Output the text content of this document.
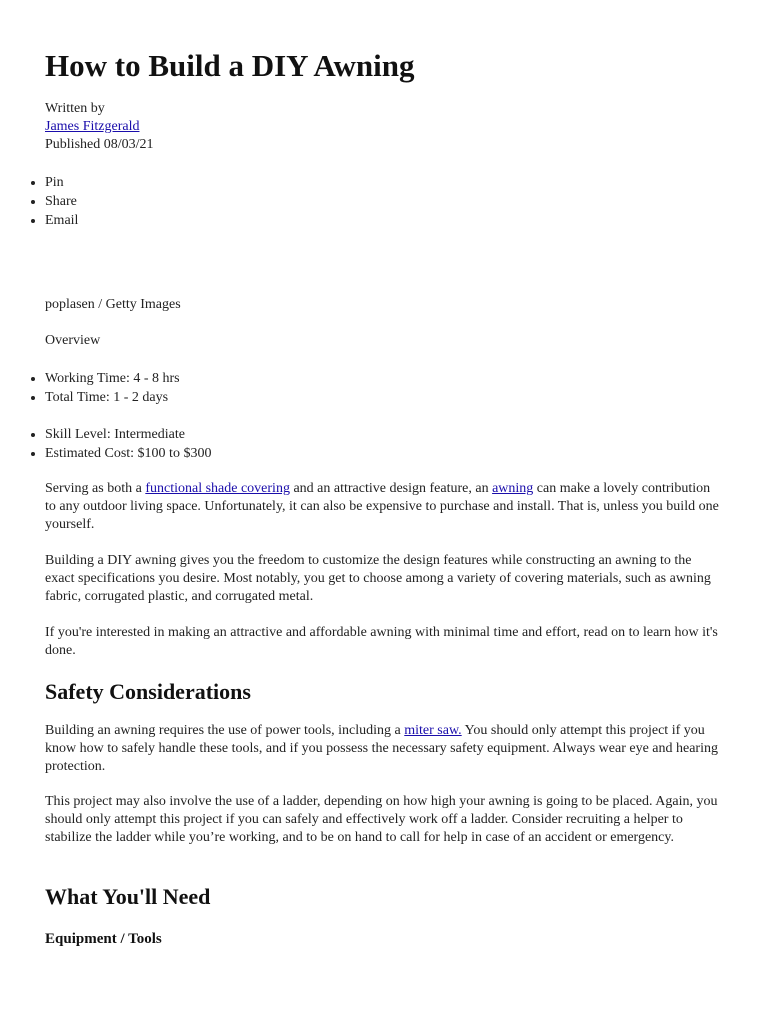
How to Build a DIY Awning
Written by
James Fitzgerald
Published 08/03/21
• Pin
• Share
• Email

poplasen / Getty Images

Overview

• Working Time: 4 - 8 hrs
• Total Time: 1 - 2 days
• Skill Level: Intermediate
• Estimated Cost: $100 to $300

Serving as both a functional shade covering and an attractive design feature, an awning can make a lovely contribution to any outdoor living space. Unfortunately, it can also be expensive to purchase and install. That is, unless you build one yourself.

Building a DIY awning gives you the freedom to customize the design features while constructing an awning to the exact specifications you desire. Most notably, you get to choose among a variety of covering materials, such as awning fabric, corrugated plastic, and corrugated metal.

If you're interested in making an attractive and affordable awning with minimal time and effort, read on to learn how it's done.

Safety Considerations

Building an awning requires the use of power tools, including a miter saw. You should only attempt this project if you know how to safely handle these tools, and if you possess the necessary safety equipment. Always wear eye and hearing protection.

This project may also involve the use of a ladder, depending on how high your awning is going to be placed. Again, you should only attempt this project if you can safely and effectively work off a ladder. Consider recruiting a helper to stabilize the ladder while you’re working, and to be on hand to call for help in case of an accident or emergency.

What You'll Need
Equipment / Tools
